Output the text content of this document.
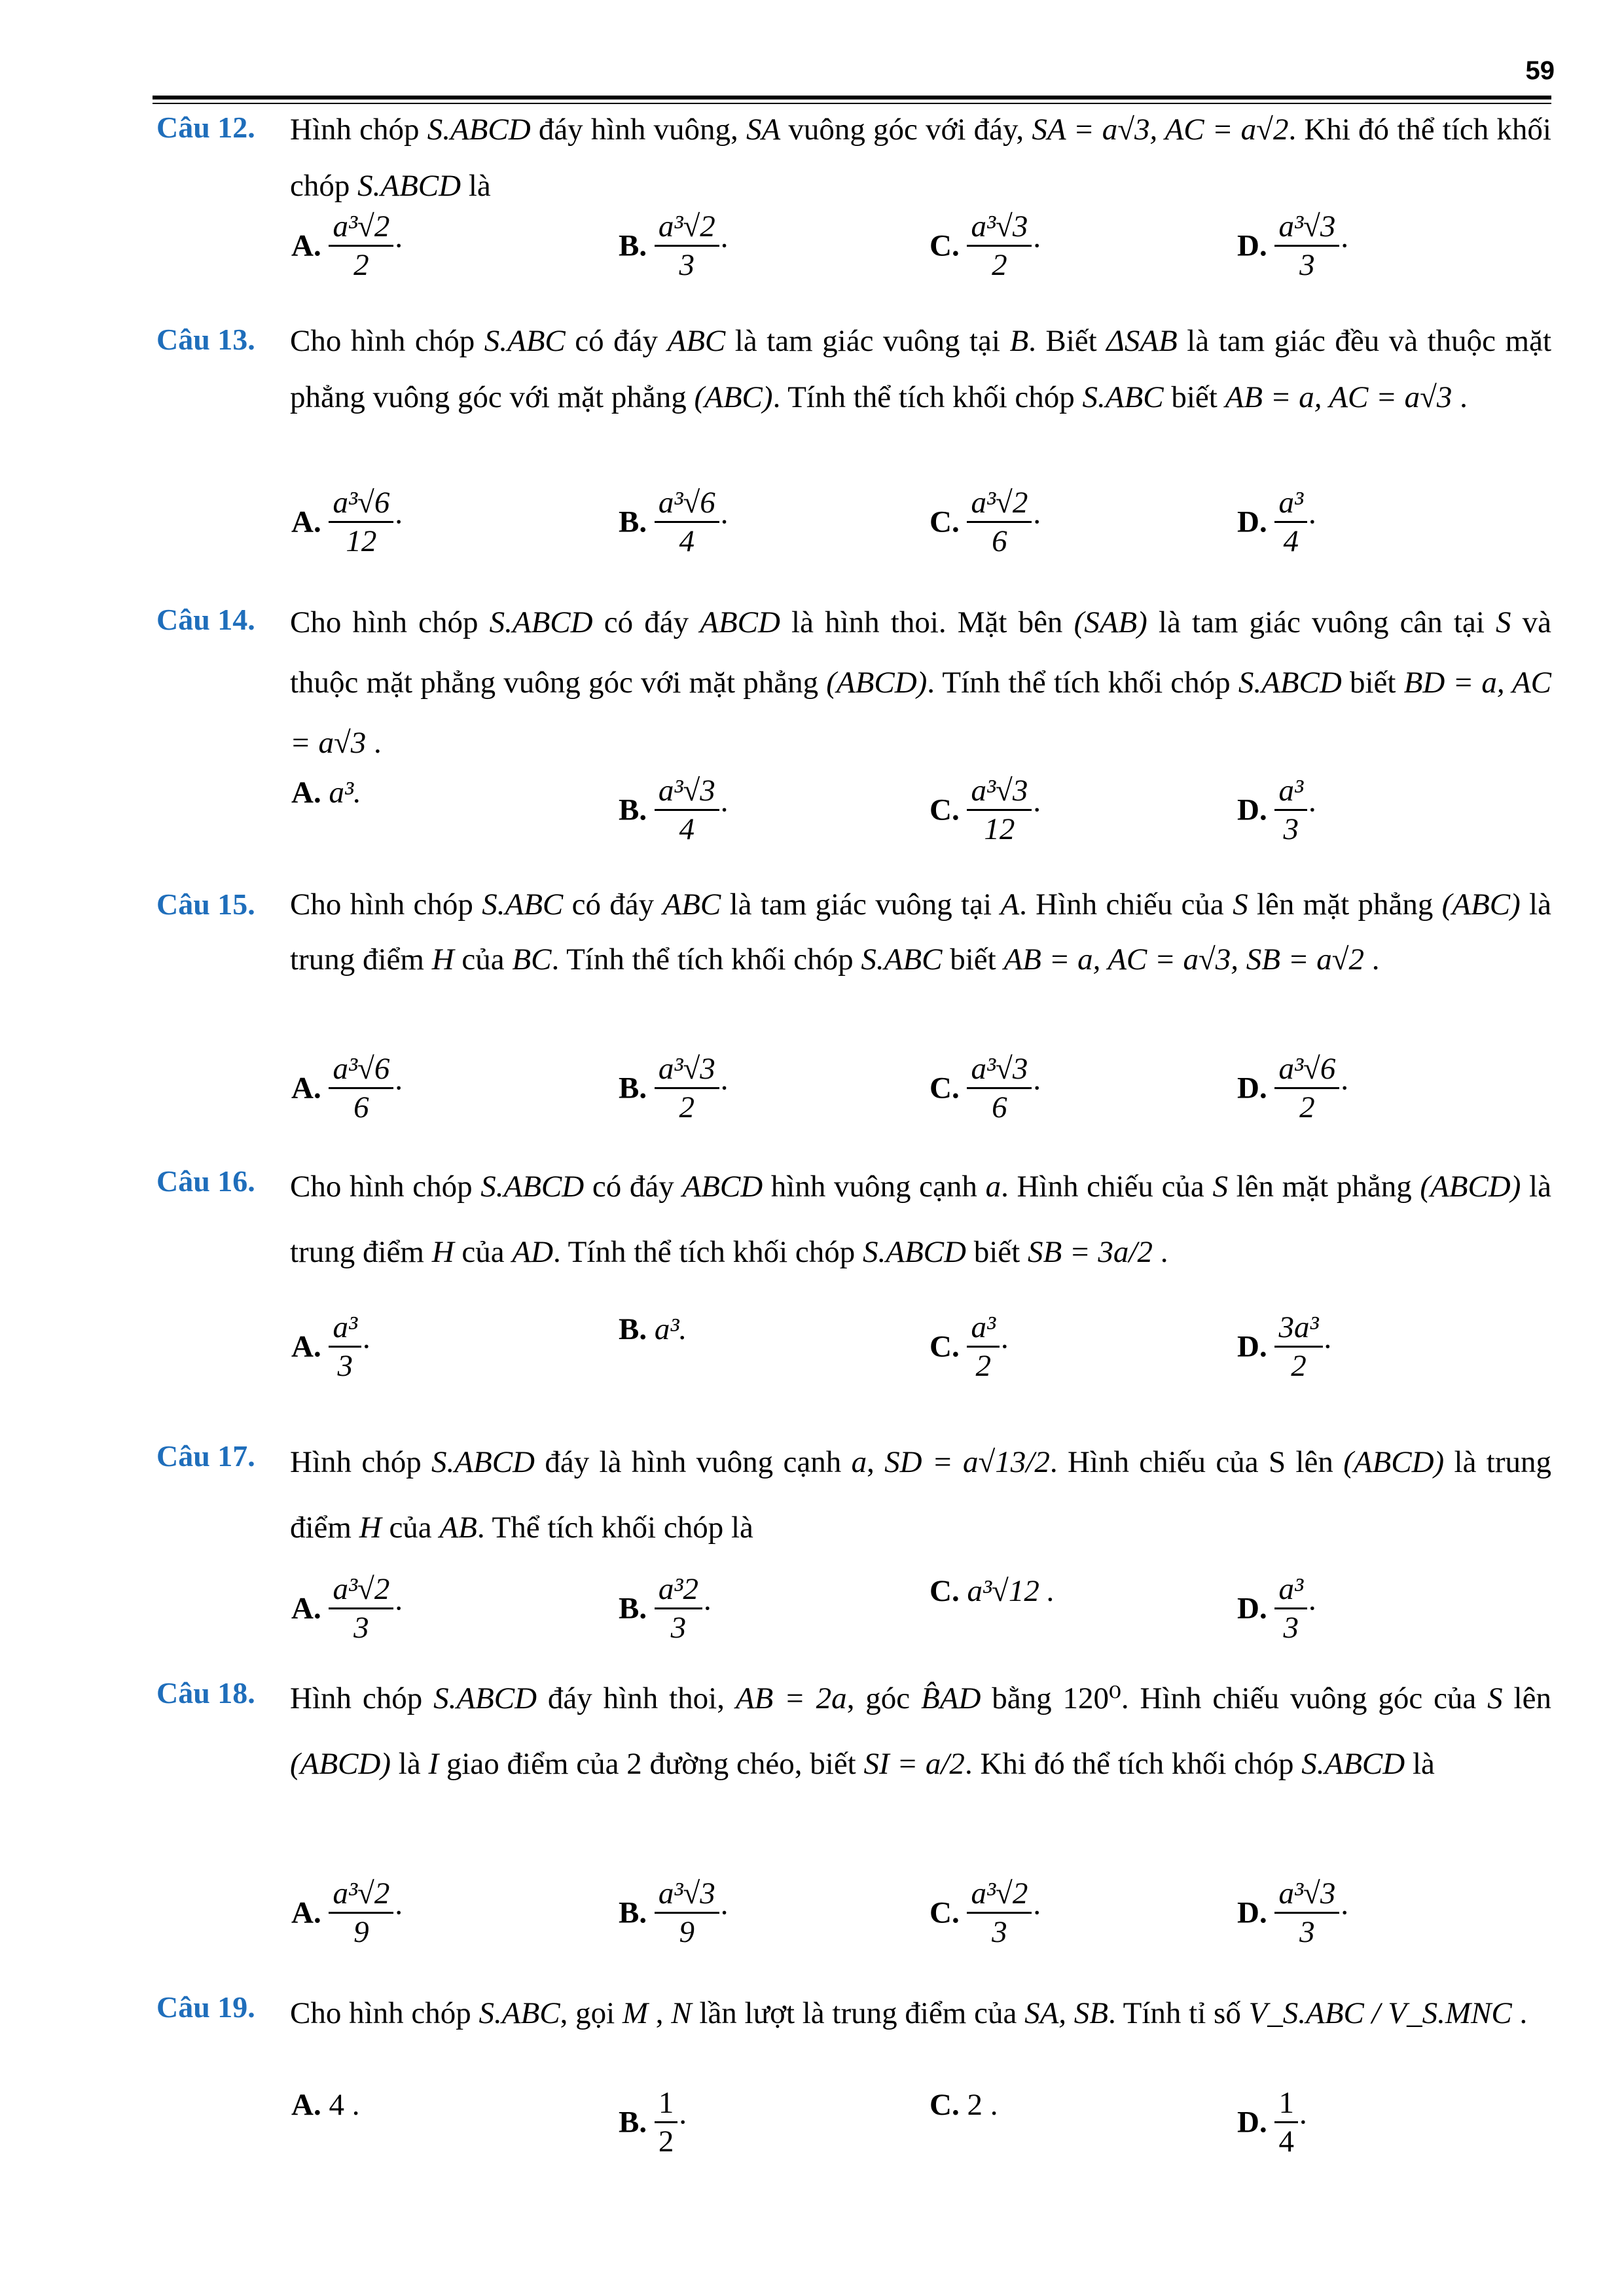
59
Câu 12. Hình chóp S.ABCD đáy hình vuông, SA vuông góc với đáy, SA = a√3, AC = a√2. Khi đó thể tích khối chóp S.ABCD là
A. $\frac{\text{a³√2}}{2}$ ·	B. $\frac{\text{a³√2}}{3}$ ·	C. $\frac{\text{a³√3}}{2}$ ·	D. $\frac{\text{a³√3}}{3}$ ·
Câu 13. Cho hình chóp S.ABC có đáy ABC là tam giác vuông tại B. Biết ΔSAB là tam giác đều và thuộc mặt phẳng vuông góc với mặt phẳng (ABC). Tính thể tích khối chóp S.ABC biết AB = a, AC = a√3 .
A. $\frac{\text{a³√6}}{12}$ ·	B. $\frac{\text{a³√6}}{4}$ ·	C. $\frac{\text{a³√2}}{6}$ ·	D. $\frac{\text{a³}}{4}$ ·
Câu 14. Cho hình chóp S.ABCD có đáy ABCD là hình thoi. Mặt bên (SAB) là tam giác vuông cân tại S và thuộc mặt phẳng vuông góc với mặt phẳng (ABCD). Tính thể tích khối chóp S.ABCD biết BD = a, AC = a√3 .
A. a³.
B. $\frac{\text{a³√3}}{4}$ ·	C. $\frac{\text{a³√3}}{12}$ ·	D. $\frac{\text{a³}}{3}$ ·
Câu 15. Cho hình chóp S.ABC có đáy ABC là tam giác vuông tại A. Hình chiếu của S lên mặt phẳng (ABC) là trung điểm H của BC. Tính thể tích khối chóp S.ABC biết AB = a, AC = a√3, SB = a√2 .
A. $\frac{\text{a³√6}}{6}$ ·	B. $\frac{\text{a³√3}}{2}$ ·	C. $\frac{\text{a³√3}}{6}$ ·	D. $\frac{\text{a³√6}}{2}$ ·
Câu 16. Cho hình chóp S.ABCD có đáy ABCD hình vuông cạnh a. Hình chiếu của S lên mặt phẳng (ABCD) là trung điểm H của AD. Tính thể tích khối chóp S.ABCD biết SB = 3a/2 .
A. $\frac{\text{a³}}{3}$ ·
B. a³.
C. $\frac{\text{a³}}{2}$ ·	D. $\frac{\text{3a³}}{2}$ ·
Câu 17. Hình chóp S.ABCD đáy là hình vuông cạnh a, SD = a√13/2. Hình chiếu của S lên (ABCD) là trung điểm H của AB. Thể tích khối chóp là
A. $\frac{\text{a³√2}}{3}$ ·	B. $\frac{\text{a³2}}{3}$ ·
C. a³√12 .
D. $\frac{\text{a³}}{3}$ ·
Câu 18. Hình chóp S.ABCD đáy hình thoi, AB = 2a, góc B̂AD bằng 120⁰. Hình chiếu vuông góc của S lên (ABCD) là I giao điểm của 2 đường chéo, biết SI = a/2. Khi đó thể tích khối chóp S.ABCD là
A. $\frac{\text{a³√2}}{9}$ ·	B. $\frac{\text{a³√3}}{9}$ ·	C. $\frac{\text{a³√2}}{3}$ ·	D. $\frac{\text{a³√3}}{3}$ ·
Câu 19. Cho hình chóp S.ABC, gọi M , N lần lượt là trung điểm của SA, SB. Tính tỉ số V_S.ABC / V_S.MNC .
A. 4 .
B. $\frac{1}{2}$ ·
C. 2 .
D. $\frac{1}{4}$ ·
